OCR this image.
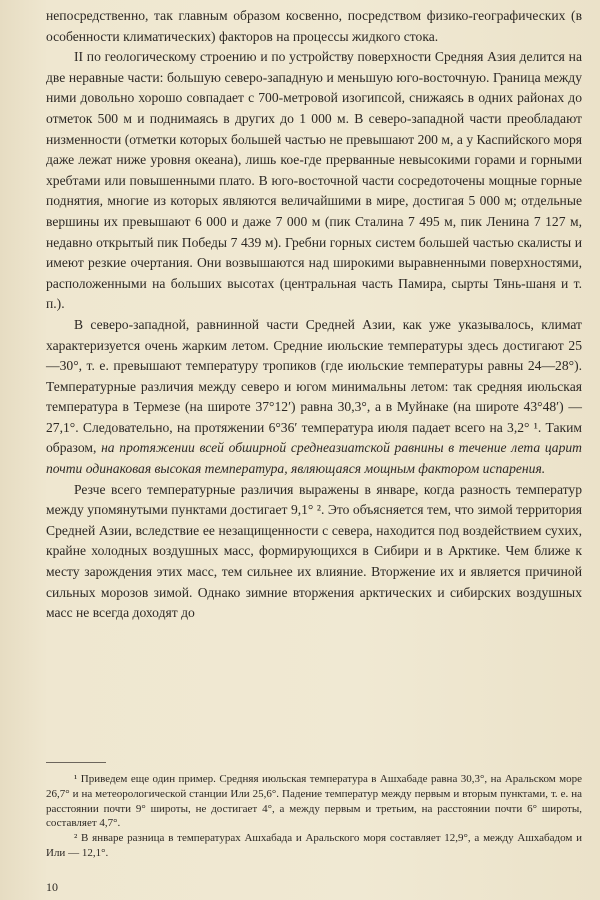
непосредственно, так главным образом косвенно, посредством физико-географических (в особенности климатических) факторов на процессы жидкого стока.

II по геологическому строению и по устройству поверхности Средняя Азия делится на две неравные части: большую северо-западную и меньшую юго-восточную. Граница между ними довольно хорошо совпадает с 700-метровой изогипсой, снижаясь в одних районах до отметок 500 м и поднимаясь в других до 1 000 м. В северо-западной части преобладают низменности (отметки которых большей частью не превышают 200 м, а у Каспийского моря даже лежат ниже уровня океана), лишь кое-где прерванные невысокими горами и горными хребтами или повышенными плато. В юго-восточной части сосредоточены мощные горные поднятия, многие из которых являются величайшими в мире, достигая 5 000 м; отдельные вершины их превышают 6 000 и даже 7 000 м (пик Сталина 7 495 м, пик Ленина 7 127 м, недавно открытый пик Победы 7 439 м). Гребни горных систем большей частью скалисты и имеют резкие очертания. Они возвышаются над широкими выравненными поверхностями, расположенными на больших высотах (центральная часть Памира, сырты Тянь-шаня и т. п.).

В северо-западной, равнинной части Средней Азии, как уже указывалось, климат характеризуется очень жарким летом. Средние июльские температуры здесь достигают 25—30°, т. е. превышают температуру тропиков (где июльские температуры равны 24—28°). Температурные различия между северо и югом минимальны летом: так средняя июльская температура в Термезе (на широте 37°12′) равна 30,3°, а в Муйнаке (на широте 43°48′) — 27,1°. Следовательно, на протяжении 6°36′ температура июля падает всего на 3,2° ¹. Таким образом, на протяжении всей обширной среднеазиатской равнины в течение лета царит почти одинаковая высокая температура, являющаяся мощным фактором испарения.

Резче всего температурные различия выражены в январе, когда разность температур между упомянутыми пунктами достигает 9,1° ². Это объясняется тем, что зимой территория Средней Азии, вследствие ее незащищенности с севера, находится под воздействием сухих, крайне холодных воздушных масс, формирующихся в Сибири и в Арктике. Чем ближе к месту зарождения этих масс, тем сильнее их влияние. Вторжение их и является причиной сильных морозов зимой. Однако зимние вторжения арктических и сибирских воздушных масс не всегда доходят до

¹ Приведем еще один пример. Средняя июльская температура в Ашхабаде равна 30,3°, на Аральском море 26,7° и на метеорологической станции Или 25,6°. Падение температур между первым и вторым пунктами, т. е. на расстоянии почти 9° широты, не достигает 4°, а между первым и третьим, на расстоянии почти 6° широты, составляет 4,7°.

² В январе разница в температурах Ашхабада и Аральского моря составляет 12,9°, а между Ашхабадом и Или — 12,1°.

10
